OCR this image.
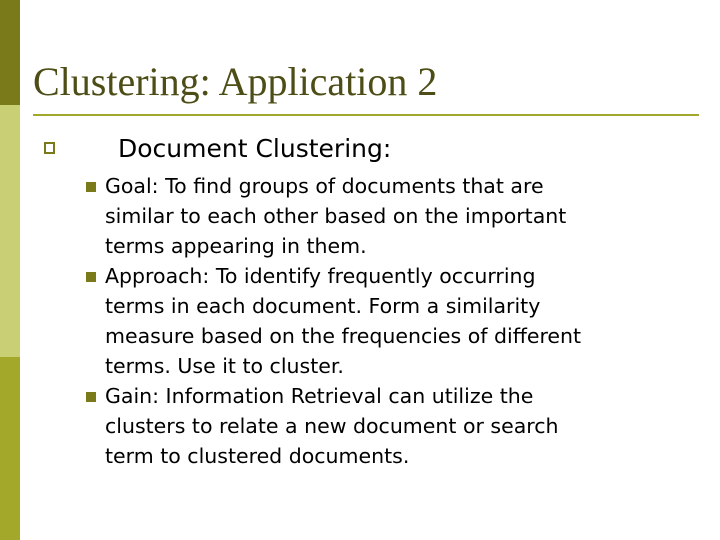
Clustering: Application 2
Document Clustering:
Goal: To find groups of documents that are
similar to each other based on the important
terms appearing in them.
Approach: To identify frequently occurring
terms in each document. Form a similarity
measure based on the frequencies of different
terms. Use it to cluster.
Gain: Information Retrieval can utilize the
clusters to relate a new document or search
term to clustered documents.
